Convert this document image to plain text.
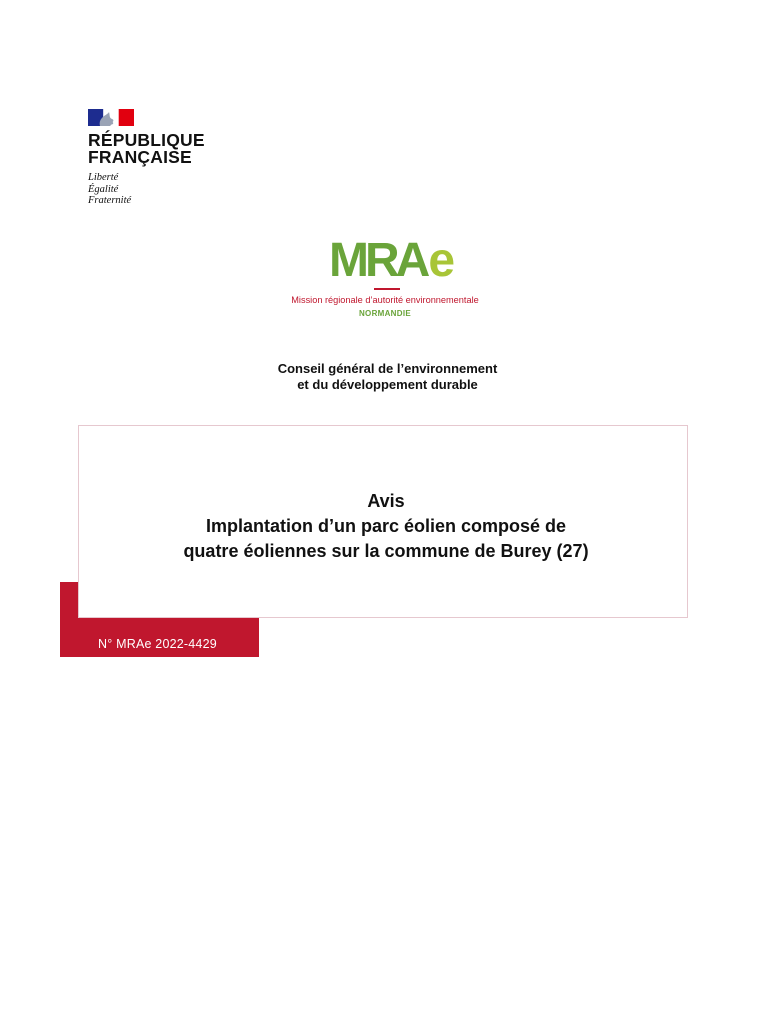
RÉPUBLIQUE
FRANÇAISE
Liberté
Égalité
Fraternité
MRAe
Mission régionale d’autorité environnementale
NORMANDIE
Conseil général de l’environnement
et du développement durable
N° MRAe 2022-4429
Avis
Implantation d’un parc éolien composé de
quatre éoliennes sur la commune de Burey (27)
